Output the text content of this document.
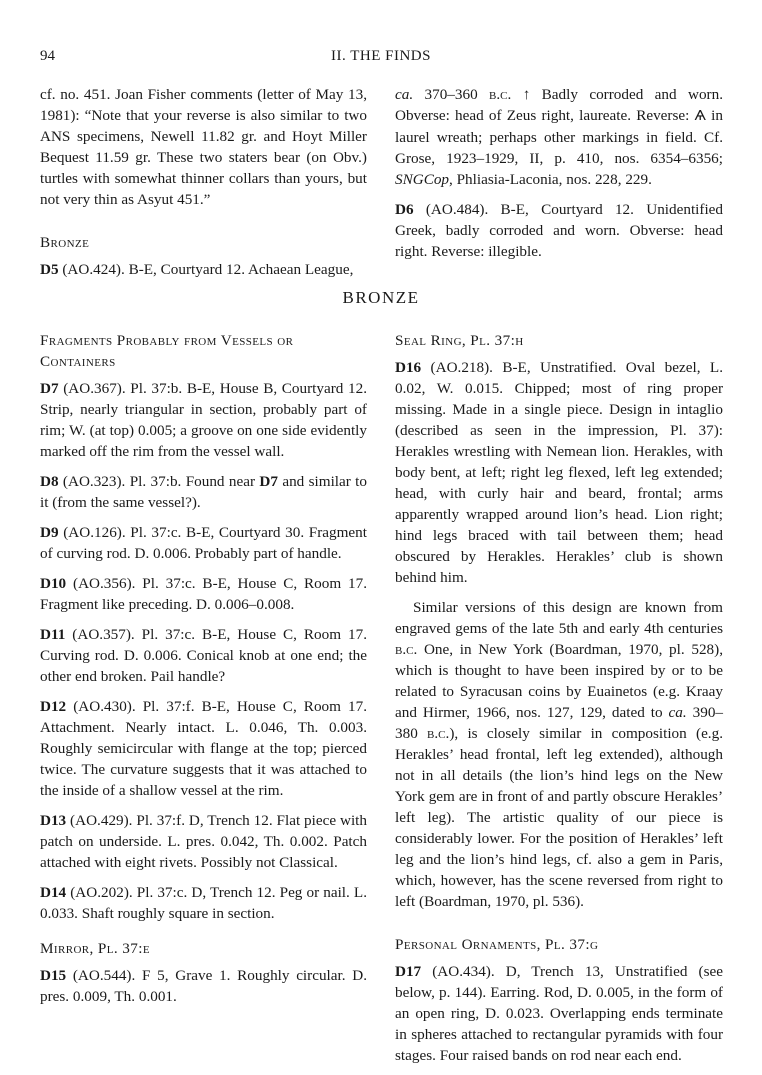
94	II. THE FINDS

cf. no. 451. Joan Fisher comments (letter of May 13, 1981): “Note that your reverse is also similar to two ANS specimens, Newell 11.82 gr. and Hoyt Miller Bequest 11.59 gr. These two staters bear (on Obv.) turtles with somewhat thinner collars than yours, but not very thin as Asyut 451.”

Bronze

D5 (AO.424). B-E, Courtyard 12. Achaean League,

ca. 370–360 b.c. ↑ Badly corroded and worn. Obverse: head of Zeus right, laureate. Reverse: Ѧ in laurel wreath; perhaps other markings in field. Cf. Grose, 1923–1929, II, p. 410, nos. 6354–6356; SNGCop, Phliasia-Laconia, nos. 228, 229.

D6 (AO.484). B-E, Courtyard 12. Unidentified Greek, badly corroded and worn. Obverse: head right. Reverse: illegible.

BRONZE

Fragments Probably from Vessels or Containers

D7 (AO.367). Pl. 37:b. B-E, House B, Courtyard 12. Strip, nearly triangular in section, probably part of rim; W. (at top) 0.005; a groove on one side evidently marked off the rim from the vessel wall.

D8 (AO.323). Pl. 37:b. Found near D7 and similar to it (from the same vessel?).

D9 (AO.126). Pl. 37:c. B-E, Courtyard 30. Fragment of curving rod. D. 0.006. Probably part of handle.

D10 (AO.356). Pl. 37:c. B-E, House C, Room 17. Fragment like preceding. D. 0.006–0.008.

D11 (AO.357). Pl. 37:c. B-E, House C, Room 17. Curving rod. D. 0.006. Conical knob at one end; the other end broken. Pail handle?

D12 (AO.430). Pl. 37:f. B-E, House C, Room 17. Attachment. Nearly intact. L. 0.046, Th. 0.003. Roughly semicircular with flange at the top; pierced twice. The curvature suggests that it was attached to the inside of a shallow vessel at the rim.

D13 (AO.429). Pl. 37:f. D, Trench 12. Flat piece with patch on underside. L. pres. 0.042, Th. 0.002. Patch attached with eight rivets. Possibly not Classical.

D14 (AO.202). Pl. 37:c. D, Trench 12. Peg or nail. L. 0.033. Shaft roughly square in section.

Mirror, Pl. 37:e

D15 (AO.544). F 5, Grave 1. Roughly circular. D. pres. 0.009, Th. 0.001.

Seal Ring, Pl. 37:h

D16 (AO.218). B-E, Unstratified. Oval bezel, L. 0.02, W. 0.015. Chipped; most of ring proper missing. Made in a single piece. Design in intaglio (described as seen in the impression, Pl. 37): Herakles wrestling with Nemean lion. Herakles, with body bent, at left; right leg flexed, left leg extended; head, with curly hair and beard, frontal; arms apparently wrapped around lion’s head. Lion right; hind legs braced with tail between them; head obscured by Herakles. Herakles’ club is shown behind him.

Similar versions of this design are known from engraved gems of the late 5th and early 4th centuries b.c. One, in New York (Boardman, 1970, pl. 528), which is thought to have been inspired by or to be related to Syracusan coins by Euainetos (e.g. Kraay and Hirmer, 1966, nos. 127, 129, dated to ca. 390–380 b.c.), is closely similar in composition (e.g. Herakles’ head frontal, left leg extended), although not in all details (the lion’s hind legs on the New York gem are in front of and partly obscure Herakles’ left leg). The artistic quality of our piece is considerably lower. For the position of Herakles’ left leg and the lion’s hind legs, cf. also a gem in Paris, which, however, has the scene reversed from right to left (Boardman, 1970, pl. 536).

Personal Ornaments, Pl. 37:g

D17 (AO.434). D, Trench 13, Unstratified (see below, p. 144). Earring. Rod, D. 0.005, in the form of an open ring, D. 0.023. Overlapping ends terminate in spheres attached to rectangular pyramids with four stages. Four raised bands on rod near each end.
